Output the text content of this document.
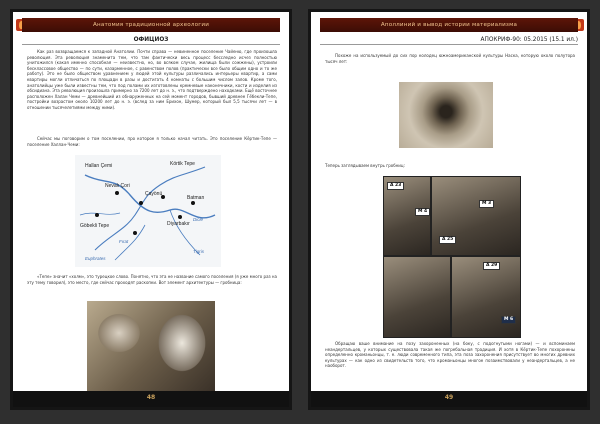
Анатомия традиционной археологии
ОФИЦИОЗ

Как раз возвращаемся к западной Анатолии. Почти справа — невиненное поселение Чайеню, где произошла революция. Эта революция знаменита тем, что там фактически весь процесс бесследно исчез полностью унитожился (какая именно способная — неизвестно, но, во всяком случае, жилища были сожжены), устроили бесклассовое общество — по сути, казарменное, с равенством полов (практически все было общим одно и то же работу). Это не было обществом уравнением у людей этой культуры различались интерьеры квартир, а сами квартиры могли отличаться по площади в разы и достигать 4 комнаты с большим числом залов. Кроме того, анатолийцы уже были известны тем, что под полами их изготовлены кремневые наконечники, кости и изделия из обсидиана. Эта революция произошла примерно за 7200 лет до н. э., что подтверждено находками. Ещё восточнее расположен Халан Чеми — древнейший из обнаруженных на сей момент городов, бывший древнее Гёбекли-Тепе, постройки возрастом около 10200 лет до н. э. (вслед за ним Ерихон, Шумер, который был 5,5 тысячи лет — в отношении тысячелетиями между ними).

Сейчас мы поговорим о том поселении, про которое я только начал читать. Это поселение Кёртик-Тепе — поселение Халлан-Чеми:

Hallan Çemi	Körtik Tepe
Göbekli Tepe
Nevalı Çori
Çayönü
Diyarbakır
Batman
Dicle
Fırat
Tigris
Euphrates

«Тепе» значит «холм», это турецкое слово. Понятно, что эта не название самого поселения (я уже много раз на эту тему говорил), это место, где сейчас проходят раскопки. Вот элемент архитектуры — гробница:

48
Аполлиний и вывод истории материализма
АПОКРИФ-90: 05.2015 (15.1 ил.)

Похоже на используемый до сих пор колодец южноамериканской культуры Наска, которую около полутора тысяч лет:

Теперь заглядываем внутрь гробниц:

M 4
M 3
A 23
A 25
A 29
M 6

Обращаю ваше внимание на позу захороненных (на боку, с подогнутыми ногами) — и вспоминаем неандертальцев, у которых существовала такая же погребальная традиция. И хотя в Кёртик-Тепе похоронены определенно кроманьонцы, т. е. люди современного типа, эта поза захоронения присутствует во многих древних культурах — как одно из свидетельств того, что кроманьонцы многое позаимствовали у неандертальцев, а не наоборот.

49
